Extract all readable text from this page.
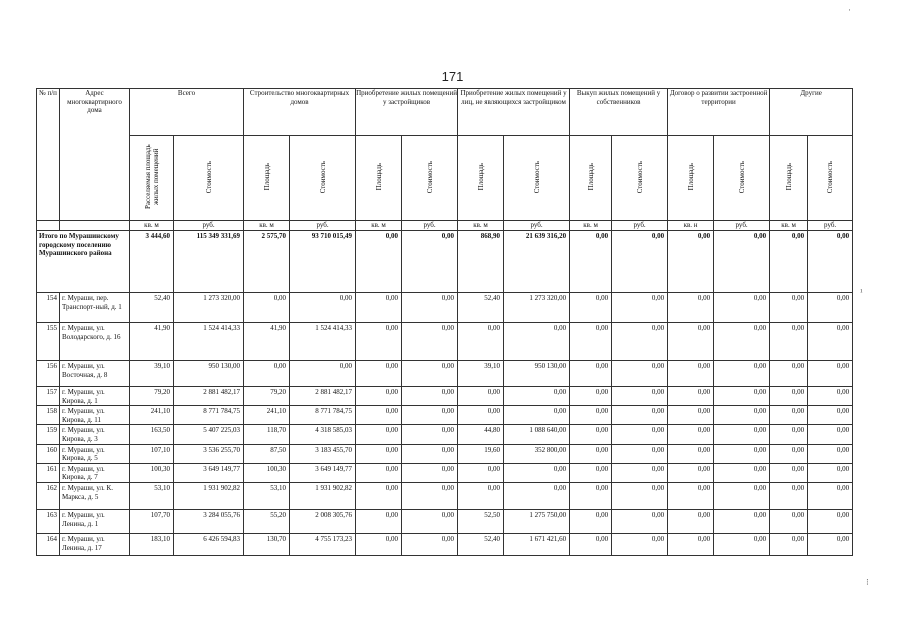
171
·
¹
⁝
№ п/п	Адрес многоквартирного дома	Всего		Строительство многоквартирных домов		Приобретение жилых помещений у застройщиков		Приобретение жилых помещений у лиц, не являющихся застройщиком		Выкуп жилых помещений у собственников		Договор о развитии застроенной территории		Другие	
		Расселяемая площадь жилых помещений	Стоимость	Площадь	Стоимость	Площадь	Стоимость	Площадь	Стоимость	Площадь	Стоимость	Площадь	Стоимость	Площадь	Стоимость
		кв. м	руб.	кв. м	руб.	кв. м	руб.	кв. м	руб.	кв. м	руб.	кв. н	руб.	кв. м	руб.
Итого по Мурашинскому городскому поселению Мурашинского района		3 444,60	115 349 331,69	2 575,70	93 710 015,49	0,00	0,00	868,90	21 639 316,20	0,00	0,00	0,00	0,00	0,00	0,00
154	г. Мураши, пер. Транспорт-ный, д. 1	52,40	1 273 320,00	0,00	0,00	0,00	0,00	52,40	1 273 320,00	0,00	0,00	0,00	0,00	0,00	0,00
155	г. Мураши, ул. Володарского, д. 16	41,90	1 524 414,33	41,90	1 524 414,33	0,00	0,00	0,00	0,00	0,00	0,00	0,00	0,00	0,00	0,00
156	г. Мураши, ул. Восточная, д. 8	39,10	950 130,00	0,00	0,00	0,00	0,00	39,10	950 130,00	0,00	0,00	0,00	0,00	0,00	0,00
157	г. Мураши, ул. Кирова, д. 1	79,20	2 881 482,17	79,20	2 881 482,17	0,00	0,00	0,00	0,00	0,00	0,00	0,00	0,00	0,00	0,00
158	г. Мураши, ул. Кирова, д. 11	241,10	8 771 784,75	241,10	8 771 784,75	0,00	0,00	0,00	0,00	0,00	0,00	0,00	0,00	0,00	0,00
159	г. Мураши, ул. Кирова, д. 3	163,50	5 407 225,03	118,70	4 318 585,03	0,00	0,00	44,80	1 088 640,00	0,00	0,00	0,00	0,00	0,00	0,00
160	г. Мураши, ул. Кирова, д. 5	107,10	3 536 255,70	87,50	3 183 455,70	0,00	0,00	19,60	352 800,00	0,00	0,00	0,00	0,00	0,00	0,00
161	г. Мураши, ул. Кирова, д. 7	100,30	3 649 149,77	100,30	3 649 149,77	0,00	0,00	0,00	0,00	0,00	0,00	0,00	0,00	0,00	0,00
162	г. Мураши, ул. К. Маркса, д. 5	53,10	1 931 902,82	53,10	1 931 902,82	0,00	0,00	0,00	0,00	0,00	0,00	0,00	0,00	0,00	0,00
163	г. Мураши, ул. Ленина, д. 1	107,70	3 284 055,76	55,20	2 008 305,76	0,00	0,00	52,50	1 275 750,00	0,00	0,00	0,00	0,00	0,00	0,00
164	г. Мураши, ул. Ленина, д. 17	183,10	6 426 594,83	130,70	4 755 173,23	0,00	0,00	52,40	1 671 421,60	0,00	0,00	0,00	0,00	0,00	0,00
